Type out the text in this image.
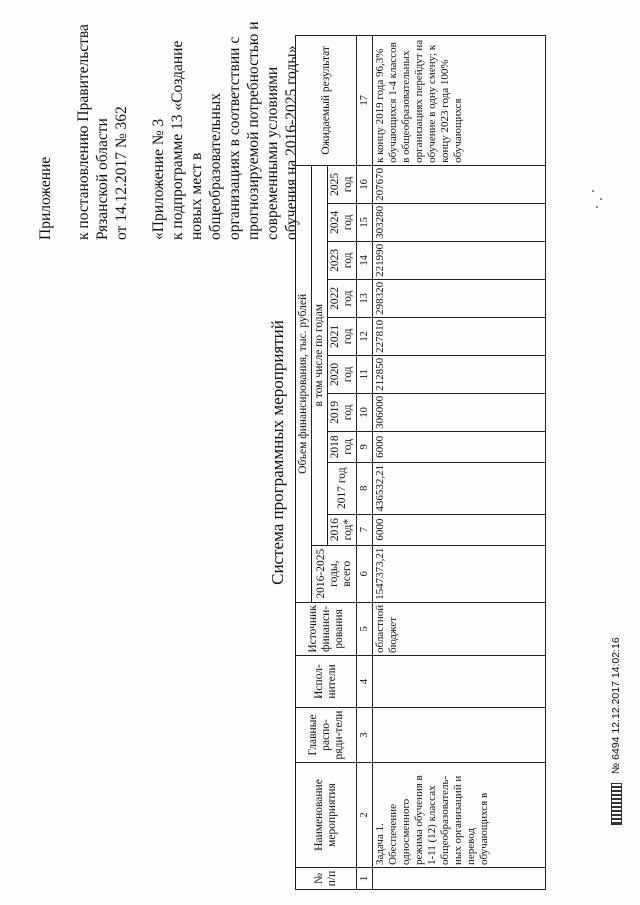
Приложение к постановлению Правительства Рязанской области от 14.12.2017 № 362 «Приложение № 3 к подпрограмме 13 «Создание новых мест в общеобразовательных организациях в соответствии с прогнозируемой потребностью и современными условиями обучения на 2016-2025 годы»
Система программных мероприятий
№ п/п	Наименование мероприятия	Главные распо-ряди-тели	Испол-нители	Источник финанси-рования	Объем финансирования, тыс. рублей											Ожидаемый результат
					2016-2025 годы, всего	в том числе по годам										
						2016 год*	2017 год	2018 год	2019 год	2020 год	2021 год	2022 год	2023 год	2024 год	2025 год	
1	2	3	4	5	6	7	8	9	10	11	12	13	14	15	16	17
	Задача 1. Обеспечение односменного режима обучения в 1-11 (12) классах общеобразователь-ных организаций и перевод обучающихся в			областной бюджет	1547373,21	6000	436532,21	6000	306000	212850	227810	298320	221990	303280	207670	к концу 2019 года 96,3% обучающихся 1-4 классов в общеобразовательных организациях перейдут на обучение в одну смену; к концу 2023 года 100% обучающихся
№ 6494 12.12.2017 14:02:16
